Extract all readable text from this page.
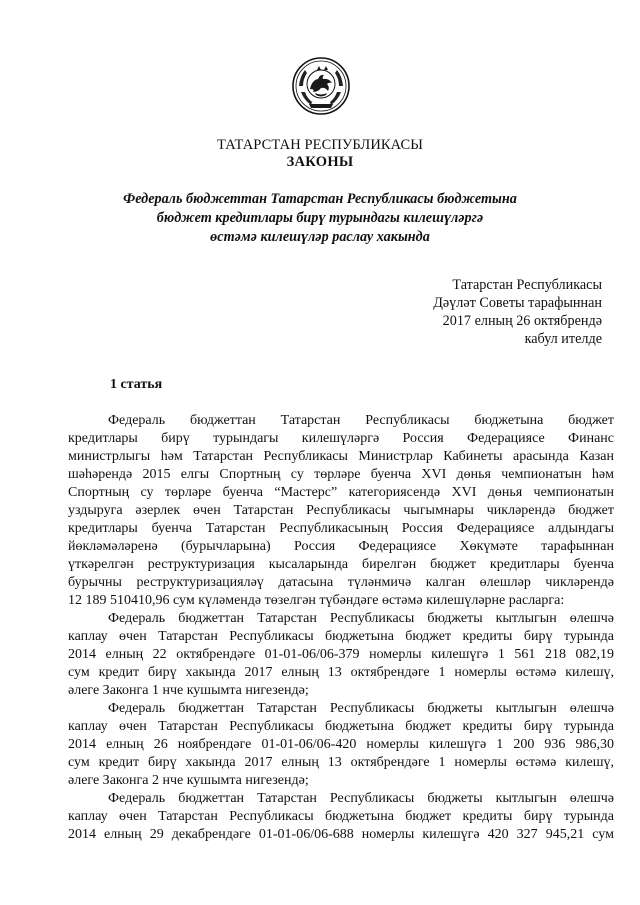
ТАТАРСТАН РЕСПУБЛИКАСЫ
ЗАКОНЫ
Федераль бюджеттан Татарстан Республикасы бюджетына
бюджет кредитлары бирү турындагы килешүләргә
өстәмә килешүләр раслау хакында
Татарстан Республикасы
Дәүләт Советы тарафыннан
2017 елның 26 октябрендә
кабул ителде
1 статья
Федераль бюджеттан Татарстан Республикасы бюджетына бюджет
кредитлары бирү турындагы килешүләргә Россия Федерациясе Финанс
министрлыгы һәм Татарстан Республикасы Министрлар Кабинеты арасында Казан
шәһәрендә 2015 елгы Спортның су төрләре буенча XVI дөнья чемпионатын һәм
Спортның су төрләре буенча “Мастерс” категориясендә XVI дөнья чемпионатын
уздыруга әзерлек өчен Татарстан Республикасы чыгымнары чикләрендә бюджет
кредитлары буенча Татарстан Республикасының Россия Федерациясе алдындагы
йөкләмәләренә (бурычларына) Россия Федерациясе Хөкүмәте тарафыннан
үткәрелгән реструктуризация кысаларында бирелгән бюджет кредитлары буенча
бурычны реструктуризацияләү датасына түләнмичә калган өлешләр чикләрендә
12 189 510410,96 сум күләмендә төзелгән түбәндәге өстәмә килешүләрне расларга:
Федераль бюджеттан Татарстан Республикасы бюджеты кытлыгын өлешчә
каплау өчен Татарстан Республикасы бюджетына бюджет кредиты бирү турында
2014 елның 22 октябрендәге 01-01-06/06-379 номерлы килешүгә 1 561 218 082,19
сум кредит бирү хакында 2017 елның 13 октябрендәге 1 номерлы өстәмә килешү,
әлеге Законга 1 нче кушымта нигезендә;
Федераль бюджеттан Татарстан Республикасы бюджеты кытлыгын өлешчә
каплау өчен Татарстан Республикасы бюджетына бюджет кредиты бирү турында
2014 елның 26 ноябрендәге 01-01-06/06-420 номерлы килешүгә 1 200 936 986,30
сум кредит бирү хакында 2017 елның 13 октябрендәге 1 номерлы өстәмә килешү,
әлеге Законга 2 нче кушымта нигезендә;
Федераль бюджеттан Татарстан Республикасы бюджеты кытлыгын өлешчә
каплау өчен Татарстан Республикасы бюджетына бюджет кредиты бирү турында
2014 елның 29 декабрендәге 01-01-06/06-688 номерлы килешүгә 420 327 945,21 сум
